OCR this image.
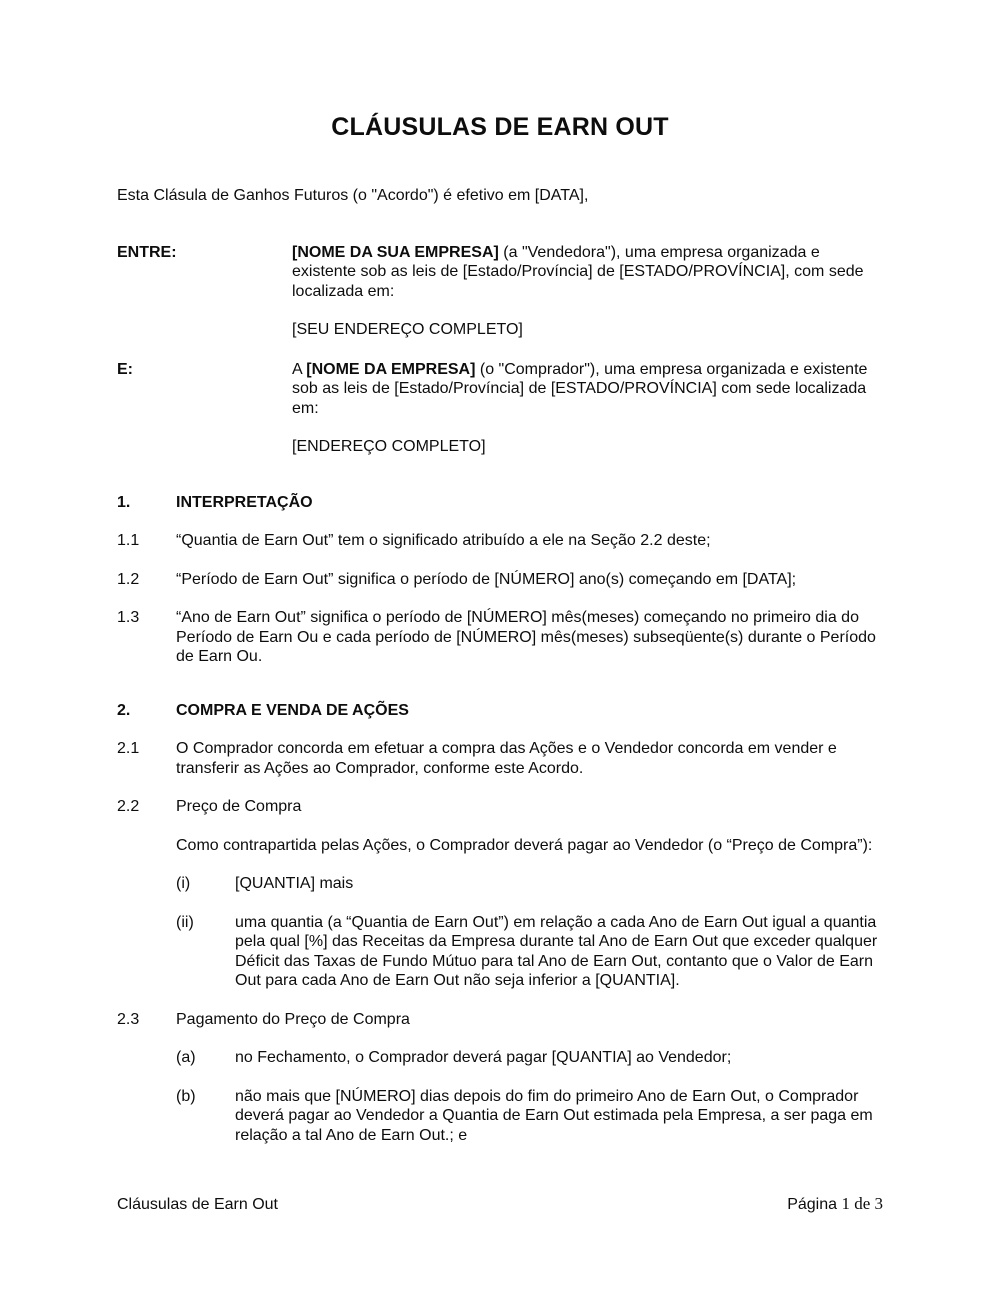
CLÁUSULAS DE EARN OUT

Esta Clásula de Ganhos Futuros (o "Acordo") é efetivo em [DATA],

ENTRE:	[NOME DA SUA EMPRESA] (a "Vendedora"), uma empresa organizada e existente sob as leis de [Estado/Província] de [ESTADO/PROVÍNCIA], com sede localizada em:

[SEU ENDEREÇO COMPLETO]

E:	A [NOME DA EMPRESA] (o "Comprador"), uma empresa organizada e existente sob as leis de [Estado/Província] de [ESTADO/PROVÍNCIA] com sede localizada em:

[ENDEREÇO COMPLETO]

1.	INTERPRETAÇÃO
1.1	“Quantia de Earn Out” tem o significado atribuído a ele na Seção 2.2 deste;
1.2	“Período de Earn Out” significa o período de [NÚMERO] ano(s) começando em [DATA];
1.3	“Ano de Earn Out” significa o período de [NÚMERO] mês(meses) começando no primeiro dia do Período de Earn Ou e cada período de [NÚMERO] mês(meses) subseqüente(s) durante o Período de Earn Ou.
2.	COMPRA E VENDA DE AÇÕES
2.1	O Comprador concorda em efetuar a compra das Ações e o Vendedor concorda em vender e transferir as Ações ao Comprador, conforme este Acordo.
2.2	Preço de Compra
Como contrapartida pelas Ações, o Comprador deverá pagar ao Vendedor (o “Preço de Compra”):
(i)	[QUANTIA] mais
(ii)	uma quantia (a “Quantia de Earn Out”) em relação a cada Ano de Earn Out igual a quantia pela qual [%] das Receitas da Empresa durante tal Ano de Earn Out que exceder qualquer Déficit das Taxas de Fundo Mútuo para tal Ano de Earn Out, contanto que o Valor de Earn Out para cada Ano de Earn Out não seja inferior a [QUANTIA].
2.3	Pagamento do Preço de Compra
(a)	no Fechamento, o Comprador deverá pagar [QUANTIA] ao Vendedor;
(b)	não mais que [NÚMERO] dias depois do fim do primeiro Ano de Earn Out, o Comprador deverá pagar ao Vendedor a Quantia de Earn Out estimada pela Empresa, a ser paga em relação a tal Ano de Earn Out.; e
Cláusulas de Earn Out	Página 1 de 3
